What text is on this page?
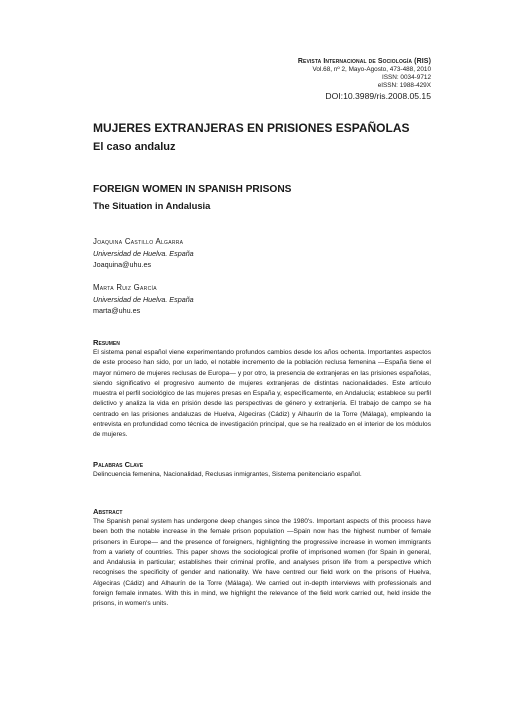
Revista Internacional de Sociología (RIS)
Vol.68, nº 2, Mayo-Agosto, 473-488, 2010
ISSN: 0034-9712
eISSN: 1988-429X
DOI:10.3989/ris.2008.05.15
MUJERES EXTRANJERAS EN PRISIONES ESPAÑOLAS
El caso andaluz
FOREIGN WOMEN IN SPANISH PRISONS
The Situation in Andalusia
Joaquina Castillo Algarra
Universidad de Huelva. España
Joaquina@uhu.es
Marta Ruiz García
Universidad de Huelva. España
marta@uhu.es
Resumen

El sistema penal español viene experimentando profundos cambios desde los años ochenta. Importantes aspectos de este proceso han sido, por un lado, el notable incremento de la población reclusa femenina —España tiene el mayor número de mujeres reclusas de Europa— y por otro, la presencia de extranjeras en las prisiones españolas, siendo significativo el progresivo aumento de mujeres extranjeras de distintas nacionalidades. Este artículo muestra el perfil sociológico de las mujeres presas en España y, específicamente, en Andalucía; establece su perfil delictivo y analiza la vida en prisión desde las perspectivas de género y extranjería. El trabajo de campo se ha centrado en las prisiones andaluzas de Huelva, Algeciras (Cádiz) y Alhaurín de la Torre (Málaga), empleando la entrevista en profundidad como técnica de investigación principal, que se ha realizado en el interior de los módulos de mujeres.

Palabras Clave

Delincuencia femenina, Nacionalidad, Reclusas inmigrantes, Sistema penitenciario español.

Abstract

The Spanish penal system has undergone deep changes since the 1980's. Important aspects of this process have been both the notable increase in the female prison population —Spain now has the highest number of female prisoners in Europe— and the presence of foreigners, highlighting the progressive increase in women immigrants from a variety of countries. This paper shows the sociological profile of imprisoned women (for Spain in general, and Andalusia in particular; establishes their criminal profile, and analyses prison life from a perspective which recognises the specificity of gender and nationality. We have centred our field work on the prisons of Huelva, Algeciras (Cádiz) and Alhaurín de la Torre (Málaga). We carried out in-depth interviews with professionals and foreign female inmates. With this in mind, we highlight the relevance of the field work carried out, held inside the prisons, in women's units.
